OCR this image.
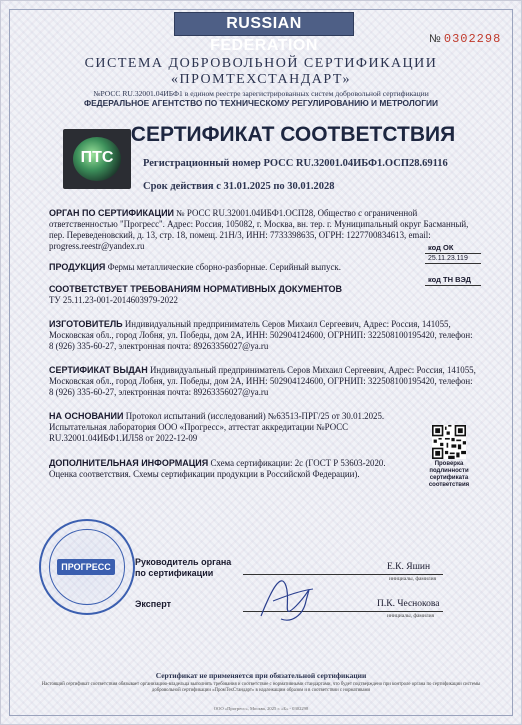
RUSSIAN FEDERATION	№ 0302298
СИСТЕМА ДОБРОВОЛЬНОЙ СЕРТИФИКАЦИИ
«ПРОМТЕХСТАНДАРТ»
№РОСС RU.32001.04ИБФ1 в едином реестре зарегистрированных систем добровольной сертификации
ФЕДЕРАЛЬНОЕ АГЕНТСТВО ПО ТЕХНИЧЕСКОМУ РЕГУЛИРОВАНИЮ И МЕТРОЛОГИИ
ПТС
СЕРТИФИКАТ СООТВЕТСТВИЯ
Регистрационный номер РОСС RU.32001.04ИБФ1.ОСП28.69116
Срок действия с 31.01.2025 по 30.01.2028
ОРГАН ПО СЕРТИФИКАЦИИ № РОСС RU.32001.04ИБФ1.ОСП28, Общество с ограниченной ответственностью "Прогресс". Адрес: Россия, 105082, г. Москва, вн. тер. г. Муниципальный округ Басманный, пер. Переведеновский, д. 13, стр. 18, помещ. 21Н/3, ИНН: 7733398635, ОГРН: 1227700834613, email: progress.reestr@yandex.ru
ПРОДУКЦИЯ Фермы металлические сборно-разборные. Серийный выпуск.
СООТВЕТСТВУЕТ ТРЕБОВАНИЯМ НОРМАТИВНЫХ ДОКУМЕНТОВ
ТУ 25.11.23-001-2014603979-2022
код ОК
25.11.23.119
код ТН ВЭД
ИЗГОТОВИТЕЛЬ Индивидуальный предприниматель Серов Михаил Сергеевич, Адрес: Россия, 141055, Московская обл., город Лобня, ул. Победы, дом 2А, ИНН: 502904124600, ОГРНИП: 322508100195420, телефон: 8 (926) 335-60-27, электронная почта: 89263356027@ya.ru
СЕРТИФИКАТ ВЫДАН Индивидуальный предприниматель Серов Михаил Сергеевич, Адрес: Россия, 141055, Московская обл., город Лобня, ул. Победы, дом 2А, ИНН: 502904124600, ОГРНИП: 322508100195420, телефон: 8 (926) 335-60-27, электронная почта: 89263356027@ya.ru
НА ОСНОВАНИИ Протокол испытаний (исследований) №63513-ПРГ/25 от 30.01.2025. Испытательная лаборатория ООО «Прогресс», аттестат аккредитации №РОСС RU.32001.04ИБФ1.ИЛ58 от 2022-12-09
ДОПОЛНИТЕЛЬНАЯ ИНФОРМАЦИЯ Схема сертификации: 2с (ГОСТ Р 53603-2020. Оценка соответствия. Схемы сертификации продукции в Российской Федерации).
Проверка подлинности сертификата соответствия
ПРОГРЕСС	Руководитель органа по сертификации
Е.К. Яшин
инициалы, фамилия
Эксперт	П.К. Чеснокова
инициалы, фамилия
Сертификат не применяется при обязательной сертификации
Настоящий сертификат соответствия обязывает организацию-владельца выполнять требования и соответствие с нормативными стандартами, что будет подтверждено при контроле органа по сертификации системы добровольной сертификации «ПромТехСтандарт» в надлежащим образом и в соответствии с нормативами
ООО «Прогресс», Москва, 2025 г. «Б» - 0302298
